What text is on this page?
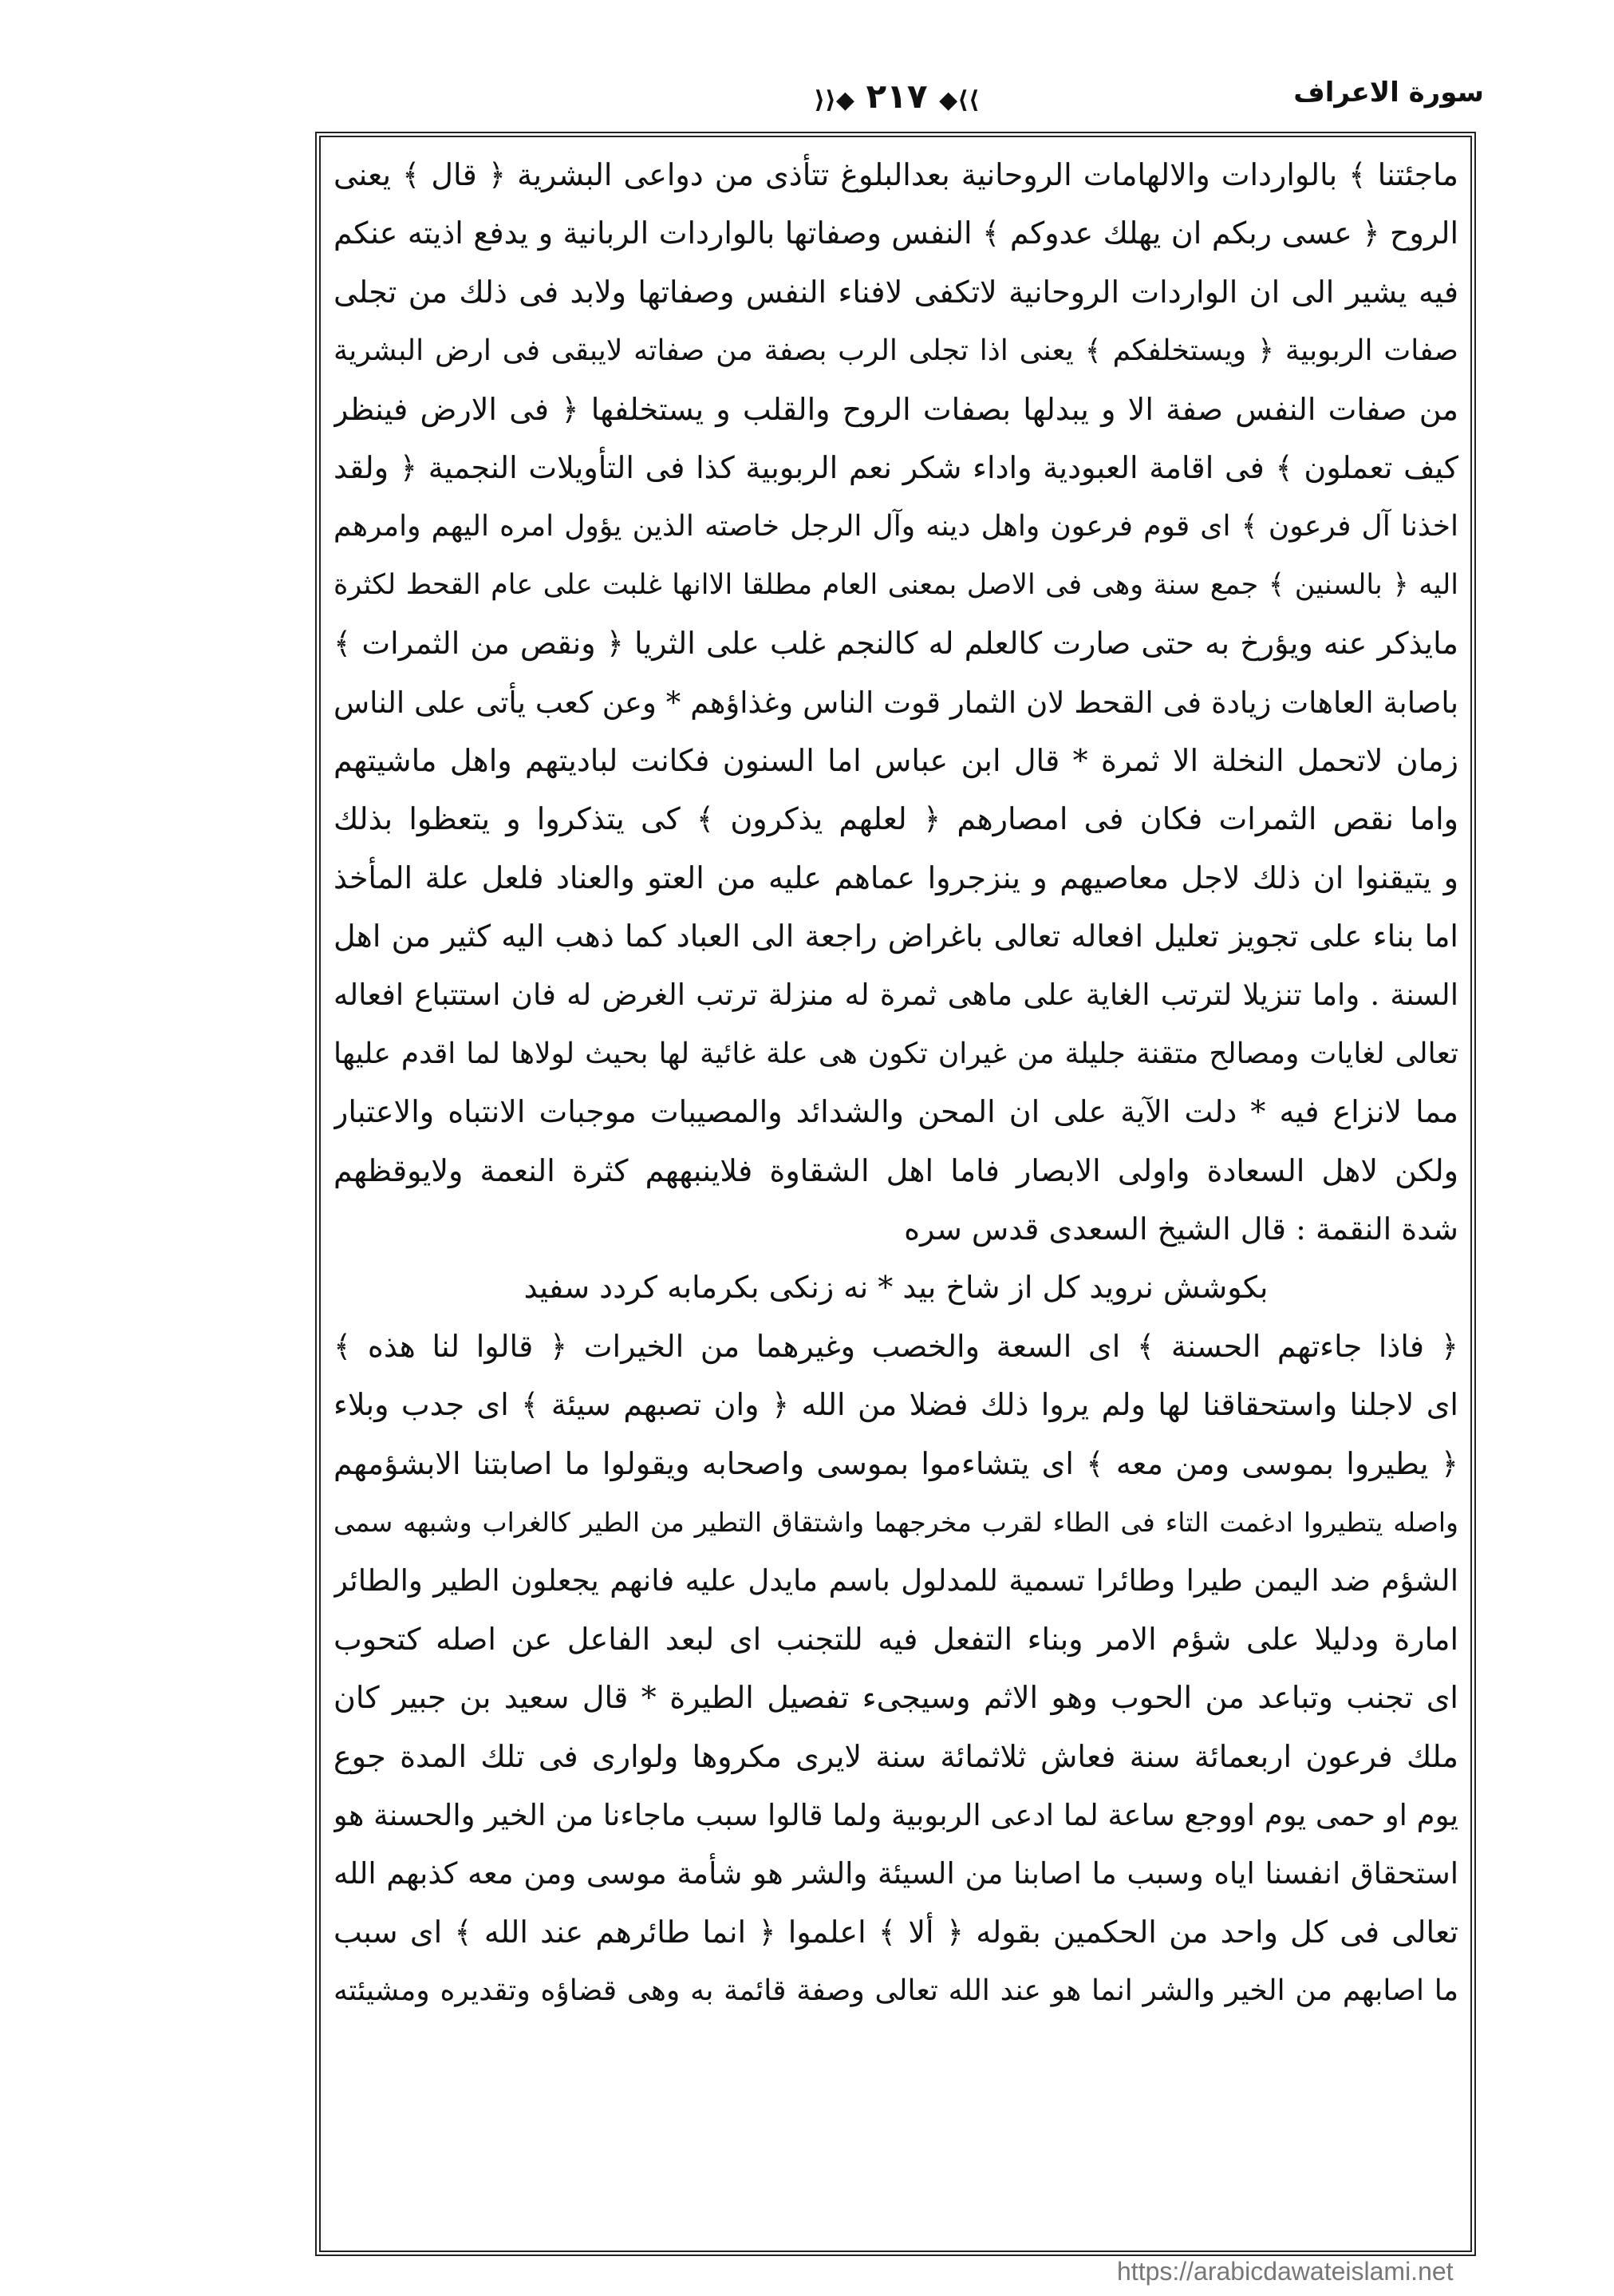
سورة الاعراف
⟩⟩◆ ٢١٧ ◆⟨⟨
ماجئتنا ﴾ بالواردات والالهامات الروحانية بعدالبلوغ تتأذى من دواعى البشرية ﴿ قال ﴾ يعنى
الروح ﴿ عسى ربكم ان يهلك عدوكم ﴾ النفس وصفاتها بالواردات الربانية و يدفع اذيته عنكم
فيه يشير الى ان الواردات الروحانية لاتكفى لافناء النفس وصفاتها ولابد فى ذلك من تجلى
صفات الربوبية ﴿ ويستخلفكم ﴾ يعنى اذا تجلى الرب بصفة من صفاته لايبقى فى ارض البشرية
من صفات النفس صفة الا و يبدلها بصفات الروح والقلب و يستخلفها ﴿ فى الارض فينظر
كيف تعملون ﴾ فى اقامة العبودية واداء شكر نعم الربوبية كذا فى التأويلات النجمية ﴿ ولقد
اخذنا آل فرعون ﴾ اى قوم فرعون واهل دينه وآل الرجل خاصته الذين يؤول امره اليهم وامرهم
اليه ﴿ بالسنين ﴾ جمع سنة وهى فى الاصل بمعنى العام مطلقا الاانها غلبت على عام القحط لكثرة
مايذكر عنه ويؤرخ به حتى صارت كالعلم له كالنجم غلب على الثريا ﴿ ونقص من الثمرات ﴾
باصابة العاهات زيادة فى القحط لان الثمار قوت الناس وغذاؤهم * وعن كعب يأتى على الناس
زمان لاتحمل النخلة الا ثمرة * قال ابن عباس اما السنون فكانت لباديتهم واهل ماشيتهم
واما نقص الثمرات فكان فى امصارهم ﴿ لعلهم يذكرون ﴾ كى يتذكروا و يتعظوا بذلك
و يتيقنوا ان ذلك لاجل معاصيهم و ينزجروا عماهم عليه من العتو والعناد فلعل علة المأخذ
اما بناء على تجويز تعليل افعاله تعالى باغراض راجعة الى العباد كما ذهب اليه كثير من اهل
السنة . واما تنزيلا لترتب الغاية على ماهى ثمرة له منزلة ترتب الغرض له فان استتباع افعاله
تعالى لغايات ومصالح متقنة جليلة من غيران تكون هى علة غائية لها بحيث لولاها لما اقدم عليها
مما لانزاع فيه * دلت الآية على ان المحن والشدائد والمصيبات موجبات الانتباه والاعتبار
ولكن لاهل السعادة واولى الابصار فاما اهل الشقاوة فلاينبههم كثرة النعمة ولايوقظهم
شدة النقمة : قال الشيخ السعدى قدس سره
بكوشش نرويد كل از شاخ بيد * نه زنكى بكرمابه كردد سفيد
﴿ فاذا جاءتهم الحسنة ﴾ اى السعة والخصب وغيرهما من الخيرات ﴿ قالوا لنا هذه ﴾
اى لاجلنا واستحقاقنا لها ولم يروا ذلك فضلا من الله ﴿ وان تصبهم سيئة ﴾ اى جدب وبلاء
﴿ يطيروا بموسى ومن معه ﴾ اى يتشاءموا بموسى واصحابه ويقولوا ما اصابتنا الابشؤمهم
واصله يتطيروا ادغمت التاء فى الطاء لقرب مخرجهما واشتقاق التطير من الطير كالغراب وشبهه سمى
الشؤم ضد اليمن طيرا وطائرا تسمية للمدلول باسم مايدل عليه فانهم يجعلون الطير والطائر
امارة ودليلا على شؤم الامر وبناء التفعل فيه للتجنب اى لبعد الفاعل عن اصله كتحوب
اى تجنب وتباعد من الحوب وهو الاثم وسيجىء تفصيل الطيرة * قال سعيد بن جبير كان
ملك فرعون اربعمائة سنة فعاش ثلاثمائة سنة لايرى مكروها ولوارى فى تلك المدة جوع
يوم او حمى يوم اووجع ساعة لما ادعى الربوبية ولما قالوا سبب ماجاءنا من الخير والحسنة هو
استحقاق انفسنا اياه وسبب ما اصابنا من السيئة والشر هو شأمة موسى ومن معه كذبهم الله
تعالى فى كل واحد من الحكمين بقوله ﴿ ألا ﴾ اعلموا ﴿ انما طائرهم عند الله ﴾ اى سبب
ما اصابهم من الخير والشر انما هو عند الله تعالى وصفة قائمة به وهى قضاؤه وتقديره ومشيئته
https://arabicdawateislami.net
